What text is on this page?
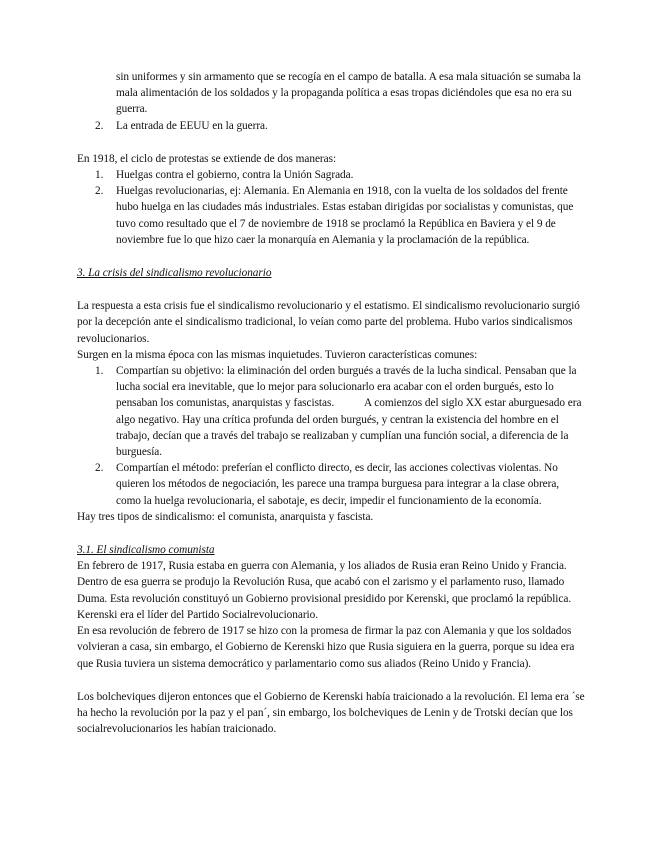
sin uniformes y sin armamento que se recogía en el campo de batalla. A esa mala situación se sumaba la mala alimentación de los soldados y la propaganda política a esas tropas diciéndoles que esa no era su guerra.

2. La entrada de EEUU en la guerra.

En 1918, el ciclo de protestas se extiende de dos maneras:

1. Huelgas contra el gobierno, contra la Unión Sagrada.
2. Huelgas revolucionarias, ej: Alemania. En Alemania en 1918, con la vuelta de los soldados del frente hubo huelga en las ciudades más industriales. Estas estaban dirigidas por socialistas y comunistas, que tuvo como resultado que el 7 de noviembre de 1918 se proclamó la República en Baviera y el 9 de noviembre fue lo que hizo caer la monarquía en Alemania y la proclamación de la república.

3. La crisis del sindicalismo revolucionario

La respuesta a esta crisis fue el sindicalismo revolucionario y el estatismo. El sindicalismo revolucionario surgió por la decepción ante el sindicalismo tradicional, lo veían como parte del problema. Hubo varios sindicalismos revolucionarios.

Surgen en la misma época con las mismas inquietudes. Tuvieron características comunes:

1. Compartían su objetivo: la eliminación del orden burgués a través de la lucha sindical. Pensaban que la lucha social era inevitable, que lo mejor para solucionarlo era acabar con el orden burgués, esto lo pensaban los comunistas, anarquistas y fascistas.           A comienzos del siglo XX estar aburguesado era algo negativo. Hay una crítica profunda del orden burgués, y centran la existencia del hombre en el trabajo, decían que a través del trabajo se realizaban y cumplían una función social, a diferencia de la burguesía.
2. Compartían el método: preferían el conflicto directo, es decir, las acciones colectivas violentas. No quieren los métodos de negociación, les parece una trampa burguesa para integrar a la clase obrera, como la huelga revolucionaria, el sabotaje, es decir, impedir el funcionamiento de la economía.

Hay tres tipos de sindicalismo: el comunista, anarquista y fascista.

3.1. El sindicalismo comunista

En febrero de 1917, Rusia estaba en guerra con Alemania, y los aliados de Rusia eran Reino Unido y Francia. Dentro de esa guerra se produjo la Revolución Rusa, que acabó con el zarismo y el parlamento ruso, llamado Duma. Esta revolución constituyó un Gobierno provisional presidido por Kerenski, que proclamó la república. Kerenski era el líder del Partido Socialrevolucionario.

En esa revolución de febrero de 1917 se hizo con la promesa de firmar la paz con Alemania y que los soldados volvieran a casa, sin embargo, el Gobierno de Kerenski hizo que Rusia siguiera en la guerra, porque su idea era que Rusia tuviera un sistema democrático y parlamentario como sus aliados (Reino Unido y Francia).

Los bolcheviques dijeron entonces que el Gobierno de Kerenski había traicionado a la revolución. El lema era ´se ha hecho la revolución por la paz y el pan´, sin embargo, los bolcheviques de Lenin y de Trotski decían que los socialrevolucionarios les habían traicionado.
